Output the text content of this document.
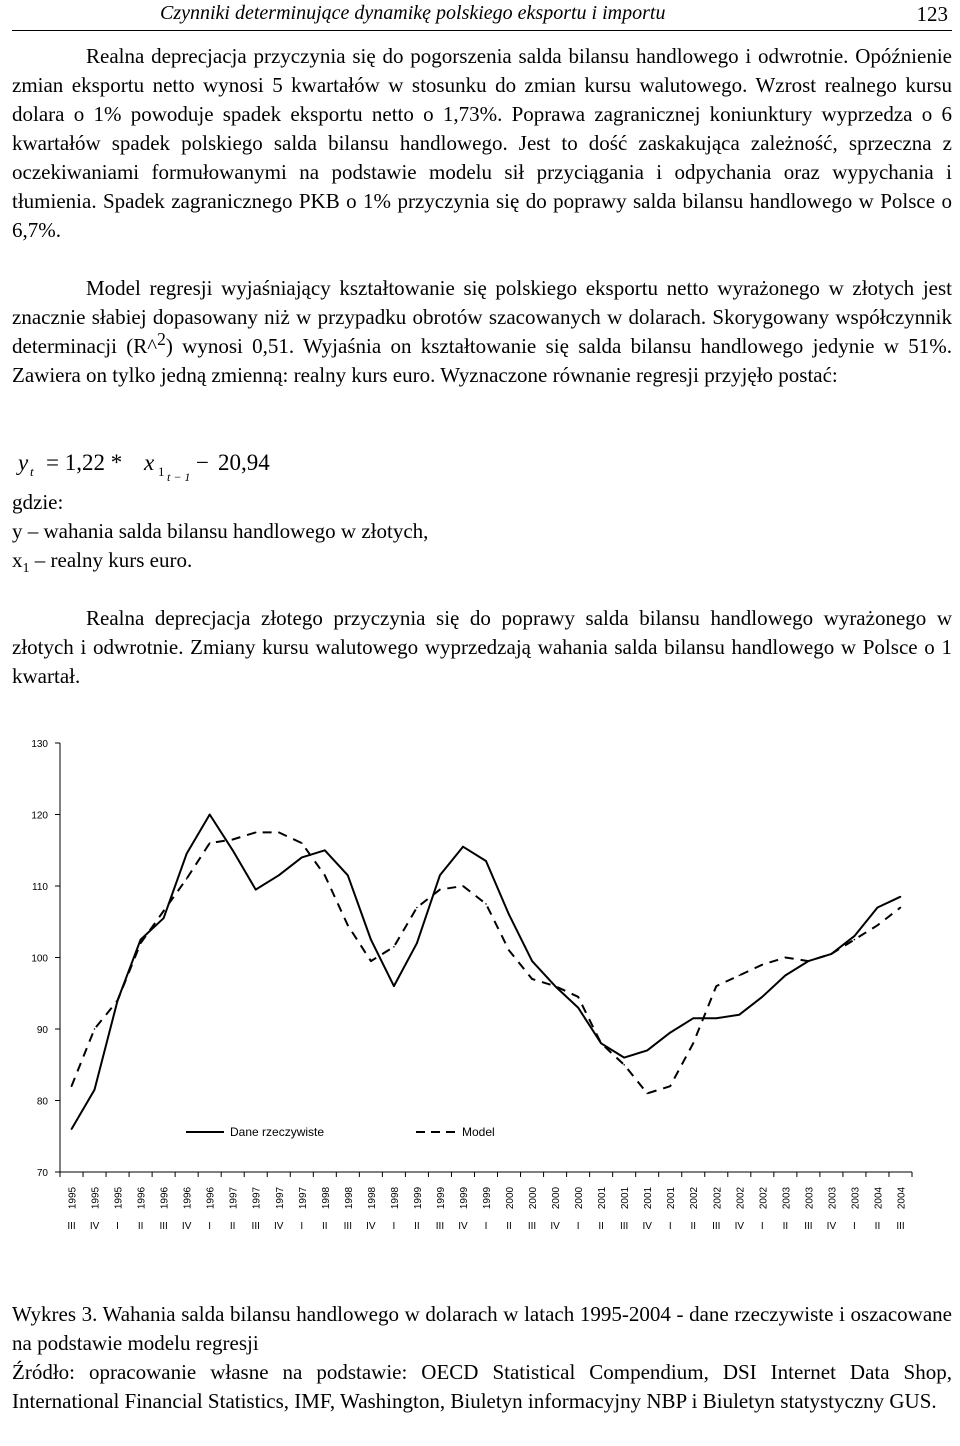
Czynniki determinujące dynamikę polskiego eksportu i importu	123

Realna deprecjacja przyczynia się do pogorszenia salda bilansu handlowego i odwrotnie. Opóźnienie zmian eksportu netto wynosi 5 kwartałów w stosunku do zmian kursu walutowego. Wzrost realnego kursu dolara o 1% powoduje spadek eksportu netto o 1,73%. Poprawa zagranicznej koniunktury wyprzedza o 6 kwartałów spadek polskiego salda bilansu handlowego. Jest to dość zaskakująca zależność, sprzeczna z oczekiwaniami formułowanymi na podstawie modelu sił przyciągania i odpychania oraz wypychania i tłumienia. Spadek zagranicznego PKB o 1% przyczynia się do poprawy salda bilansu handlowego w Polsce o 6,7%.

Model regresji wyjaśniający kształtowanie się polskiego eksportu netto wyrażonego w złotych jest znacznie słabiej dopasowany niż w przypadku obrotów szacowanych w dolarach. Skorygowany współczynnik determinacji (R^$^2$) wynosi 0,51. Wyjaśnia on kształtowanie się salda bilansu handlowego jedynie w 51%. Zawiera on tylko jedną zmienną: realny kurs euro. Wyznaczone równanie regresji przyjęło postać:

y t = 1,22 * x 1 t − 1
− 20,94
gdzie:
y – wahania salda bilansu handlowego w złotych,
$x_1$ – realny kurs euro.

Realna deprecjacja złotego przyczynia się do poprawy salda bilansu handlowego wyrażonego w złotych i odwrotnie. Zmiany kursu walutowego wyprzedzają wahania salda bilansu handlowego w Polsce o 1 kwartał.

70
80
90
100
110
120
130
1995
III
1995
IV
1995
I
1996
II
1996
III
1996
IV
1996
I
1997
II
1997
III
1997
IV
1997
I
1998
II
1998
III
1998
IV
1998
I
1999
II
1999
III
1999
IV
1999
I
2000
II
2000
III
2000
IV
2000
I
2001
II
2001
III
2001
IV
2001
I
2002
II
2002
III
2002
IV
2002
I
2003
II
2003
III
2003
IV
2003
I
2004
II
2004
III
Dane rzeczywiste	Model
Wykres 3. Wahania salda bilansu handlowego w dolarach w latach 1995-2004 - dane rzeczywiste i oszacowane na podstawie modelu regresji
Źródło: opracowanie własne na podstawie: OECD Statistical Compendium, DSI Internet Data Shop, International Financial Statistics, IMF, Washington, Biuletyn informacyjny NBP i Biuletyn statystyczny GUS.
